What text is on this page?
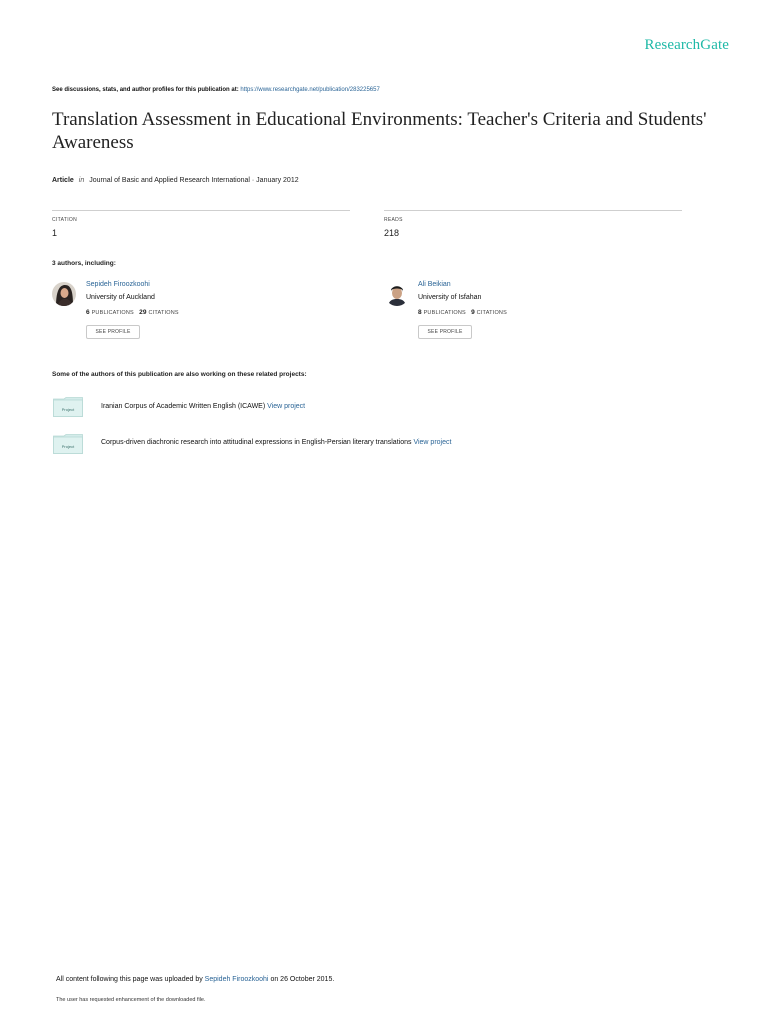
ResearchGate
See discussions, stats, and author profiles for this publication at: https://www.researchgate.net/publication/283225657
Translation Assessment in Educational Environments: Teacher's Criteria and Students' Awareness
Article in Journal of Basic and Applied Research International · January 2012
CITATION
1
READS
218
3 authors, including:
Sepideh Firoozkoohi
University of Auckland
6 PUBLICATIONS 29 CITATIONS
SEE PROFILE
Ali Beikian
University of Isfahan
8 PUBLICATIONS 9 CITATIONS
SEE PROFILE
Some of the authors of this publication are also working on these related projects:
Project	Iranian Corpus of Academic Written English (ICAWE) View project
Project
Corpus-driven diachronic research into attitudinal expressions in English-Persian literary translations View project
All content following this page was uploaded by Sepideh Firoozkoohi on 26 October 2015.
The user has requested enhancement of the downloaded file.
